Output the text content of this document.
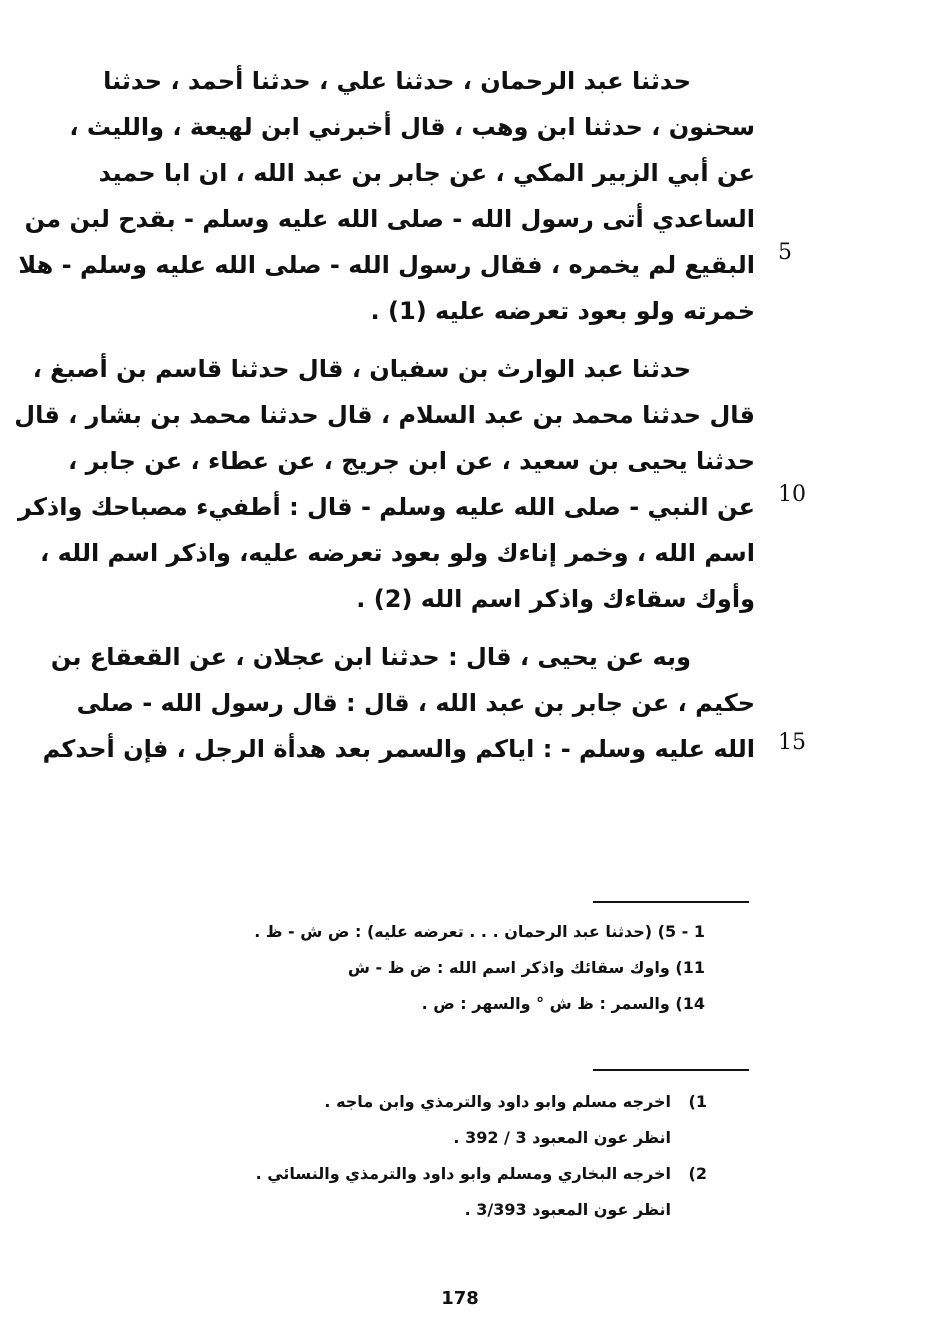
حدثنا عبد الرحمان ، حدثنا علي ، حدثنا أحمد ، حدثنا
سحنون ، حدثنا ابن وهب ، قال أخبرني ابن لهيعة ، والليث ،
عن أبي الزبير المكي ، عن جابر بن عبد الله ، ان ابا حميد
الساعدي أتى رسول الله - صلى الله عليه وسلم - بقدح لبن من
البقيع لم يخمره ، فقال رسول الله - صلى الله عليه وسلم - هلا
خمرته ولو بعود تعرضه عليه (1) .
حدثنا عبد الوارث بن سفيان ، قال حدثنا قاسم بن أصبغ ،
قال حدثنا محمد بن عبد السلام ، قال حدثنا محمد بن بشار ، قال
حدثنا يحيى بن سعيد ، عن ابن جريج ، عن عطاء ، عن جابر ،
عن النبي - صلى الله عليه وسلم - قال : أطفيء مصباحك واذكر
اسم الله ، وخمر إناءك ولو بعود تعرضه عليه، واذكر اسم الله ،
وأوك سقاءك واذكر اسم الله (2) .
وبه عن يحيى ، قال : حدثنا ابن عجلان ، عن القعقاع بن
حكيم ، عن جابر بن عبد الله ، قال : قال رسول الله - صلى
الله عليه وسلم - : اياكم والسمر بعد هدأة الرجل ، فإن أحدكم
5
10
15
1 - 5) (حدثنا عبد الرحمان . . . تعرضه عليه) : ض ش - ظ .
11) واوك سقائك واذكر اسم الله : ض ظ - ش
14) والسمر : ظ ش ° والسهر : ض .
1)
اخرجه مسلم وابو داود والترمذي وابن ماجه .
انظر عون المعبود 3 / 392 .
2)
اخرجه البخاري ومسلم وابو داود والترمذي والنسائي .
انظر عون المعبود 3/393 .
178
